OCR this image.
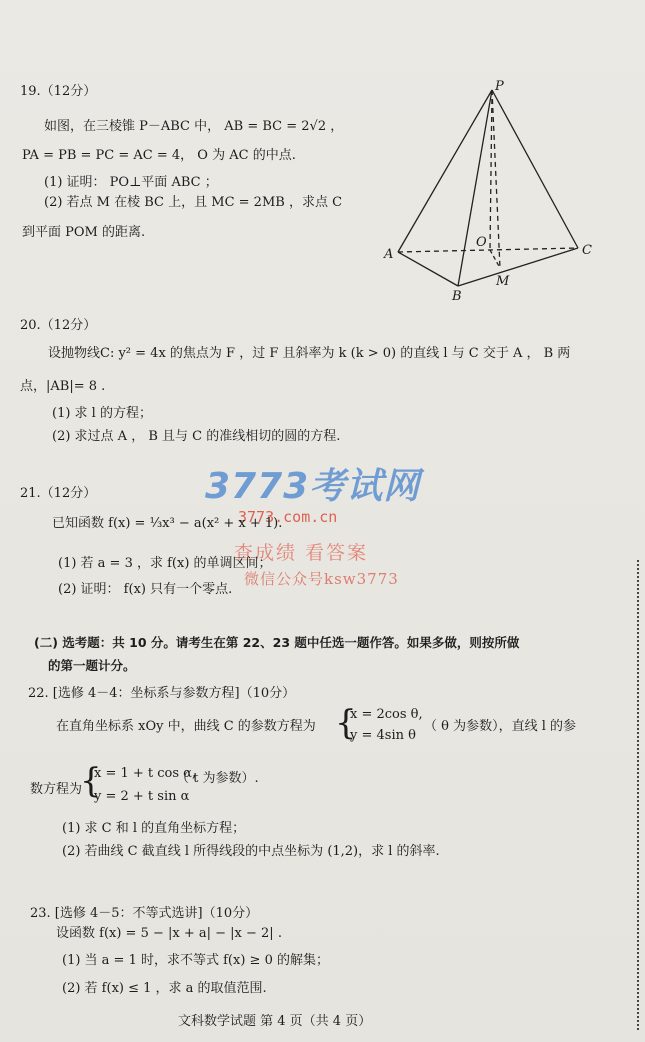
19.（12分）
如图，在三棱锥 P－ABC 中， AB = BC = 2√2 ，
PA = PB = PC = AC = 4， O 为 AC 的中点.
(1) 证明： PO⊥平面 ABC ；
(2) 若点 M 在棱 BC 上，且 MC = 2MB ，求点 C
到平面 POM 的距离.
P
A
B
C
O
M
20.（12分）
设抛物线C: y² = 4x 的焦点为 F ，过 F 且斜率为 k (k > 0) 的直线 l 与 C 交于 A ， B 两
点，|AB|= 8 .
(1) 求 l 的方程；
(2) 求过点 A ， B 且与 C 的准线相切的圆的方程.
3773考试网
3773.com.cn
查成绩 看答案
微信公众号ksw3773
21.（12分）
已知函数 f(x) = ⅓x³ − a(x² + x + 1).
(1) 若 a = 3 ，求 f(x) 的单调区间；
(2) 证明： f(x) 只有一个零点.
(二) 选考题：共 10 分。请考生在第 22、23 题中任选一题作答。如果多做，则按所做
的第一题计分。
22. [选修 4－4：坐标系与参数方程]（10分）
在直角坐标系 xOy 中，曲线 C 的参数方程为 {
x = 2cos θ,
y = 4sin θ
（ θ 为参数），直线 l 的参
数方程为
{
x = 1 + t cos α,
y = 2 + t sin α
（ t 为参数）.
(1) 求 C 和 l 的直角坐标方程；
(2) 若曲线 C 截直线 l 所得线段的中点坐标为 (1,2)，求 l 的斜率.
23. [选修 4－5：不等式选讲]（10分）
设函数 f(x) = 5 − |x + a| − |x − 2| .
(1) 当 a = 1 时，求不等式 f(x) ≥ 0 的解集；
(2) 若 f(x) ≤ 1 ，求 a 的取值范围.
文科数学试题 第 4 页（共 4 页）
